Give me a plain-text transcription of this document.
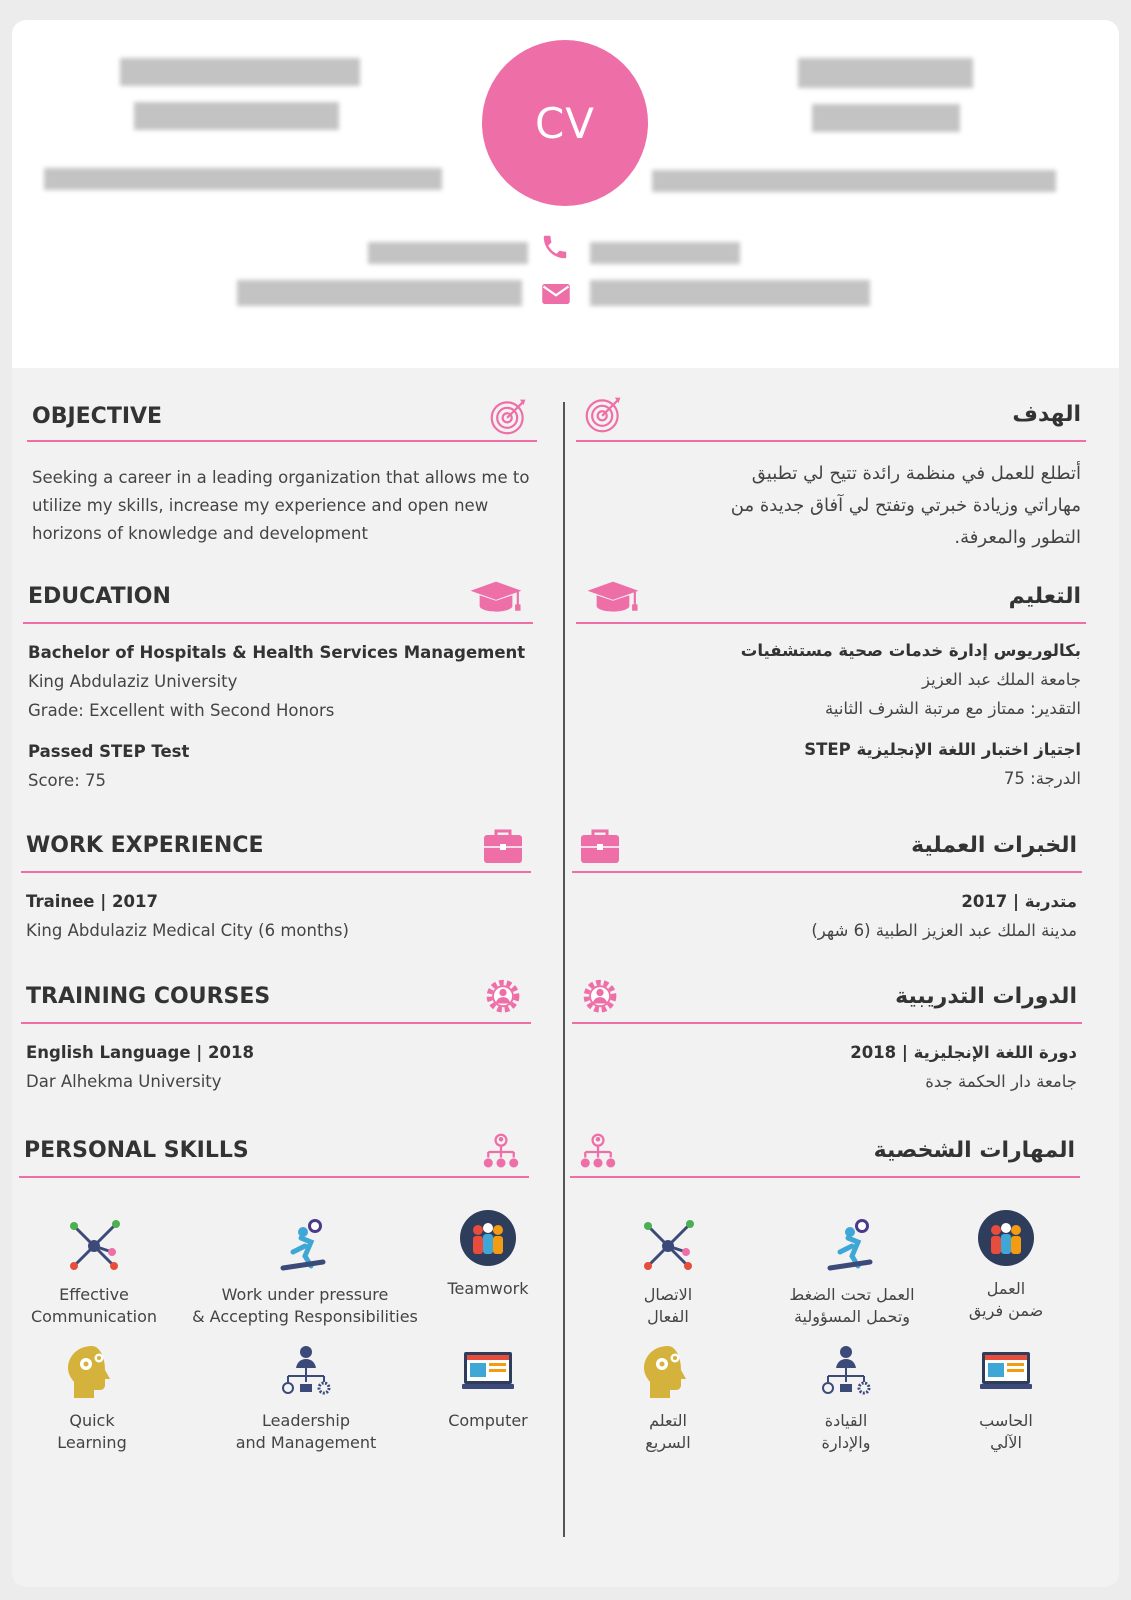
CV
OBJECTIVE
Seeking a career in a leading organization that allows me to
utilize my skills, increase my experience and open new
horizons of knowledge and development
EDUCATION
Bachelor of Hospitals & Health Services Management
King Abdulaziz University
Grade: Excellent with Second Honors
Passed STEP Test
Score: 75
WORK EXPERIENCE
Trainee | 2017
King Abdulaziz Medical City (6 months)
TRAINING COURSES
English Language | 2018
Dar Alhekma University
PERSONAL SKILLS
Effective
Communication
Work under pressure
& Accepting Responsibilities
Teamwork
Quick
Learning
Leadership
and Management
Computer
الهدف
أتطلع للعمل في منظمة رائدة تتيح لي تطبيق
مهاراتي وزيادة خبرتي وتفتح لي آفاق جديدة من
التطور والمعرفة.
التعليم
بكالوريوس إدارة خدمات صحية مستشفيات
جامعة الملك عبد العزيز
التقدير: ممتاز مع مرتبة الشرف الثانية
اجتياز اختبار اللغة الإنجليزية STEP
الدرجة: 75
الخبرات العملية
متدربة | 2017
مدينة الملك عبد العزيز الطبية (6 شهر)
الدورات التدريبية
دورة اللغة الإنجليزية | 2018
جامعة دار الحكمة جدة
المهارات الشخصية
الاتصال
الفعال
العمل تحت الضغط
وتحمل المسؤولية
العمل
ضمن فريق
التعلم
السريع
القيادة
والإدارة
الحاسب
الآلي
